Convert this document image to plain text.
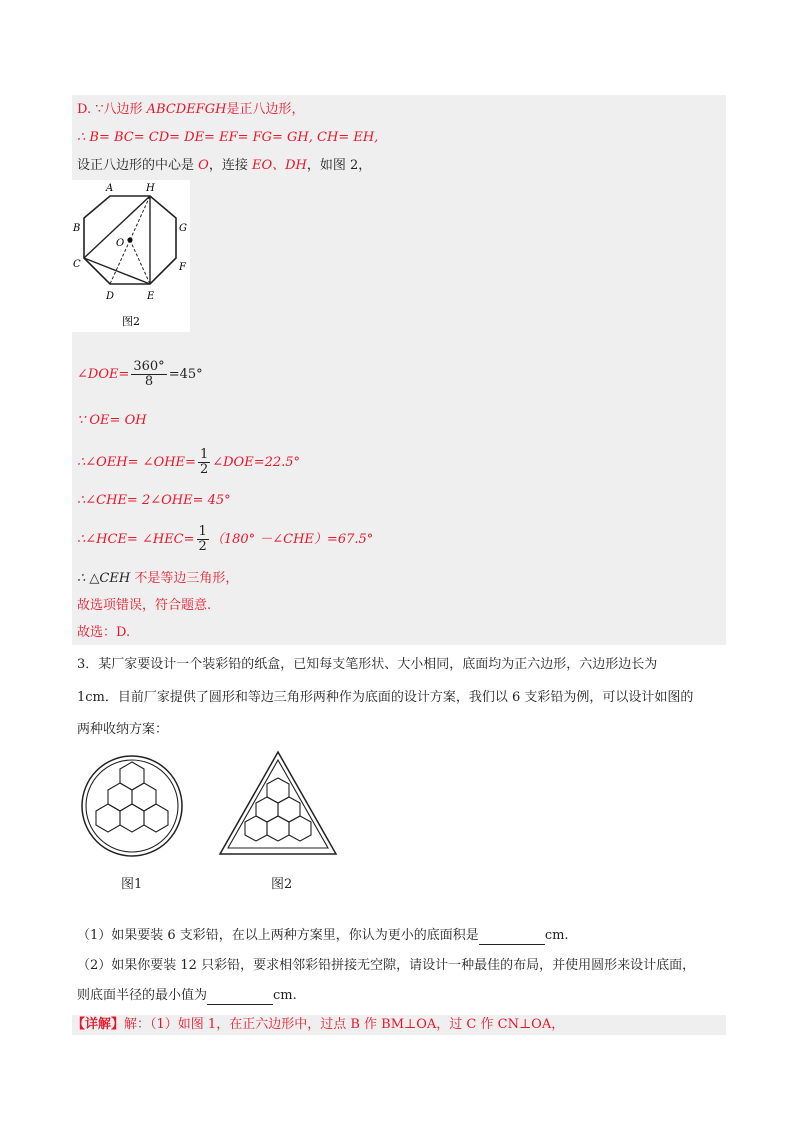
D. ∵八边形 ABCDEFGH是正八边形，
∴ B= BC= CD= DE= EF= FG= GH, CH= EH,
设正八边形的中心是 O，连接 EO、DH，如图 2，
A	H
B	G
O
C	F
D	E
图2
∠DOE= $\frac{360^\circ}{8} =45^\circ$
∵ OE= OH
∴∠OEH= ∠OHE= $\frac{1}{2}$ ∠DOE=22.5°
∴∠CHE= 2∠OHE= 45°
∴∠HCE= ∠HEC= $\frac{1}{2} (180^\circ$ －∠CHE）=67.5°
∴ △CEH 不是等边三角形，
故选项错误，符合题意.
故选：D.
3．某厂家要设计一个装彩铅的纸盒，已知每支笔形状、大小相同，底面均为正六边形，六边形边长为
1cm．目前厂家提供了圆形和等边三角形两种作为底面的设计方案，我们以 6 支彩铅为例，可以设计如图的
两种收纳方案：
图1	图2
（1）如果要装 6 支彩铅，在以上两种方案里，你认为更小的底面积是	cm.
（2）如果你要装 12 只彩铅，要求相邻彩铅拼接无空隙，请设计一种最佳的布局，并使用圆形来设计底面，
则底面半径的最小值为	cm.
【详解】解：（1）如图 1，在正六边形中，过点 B 作 BM⊥OA，过 C 作 CN⊥OA，
